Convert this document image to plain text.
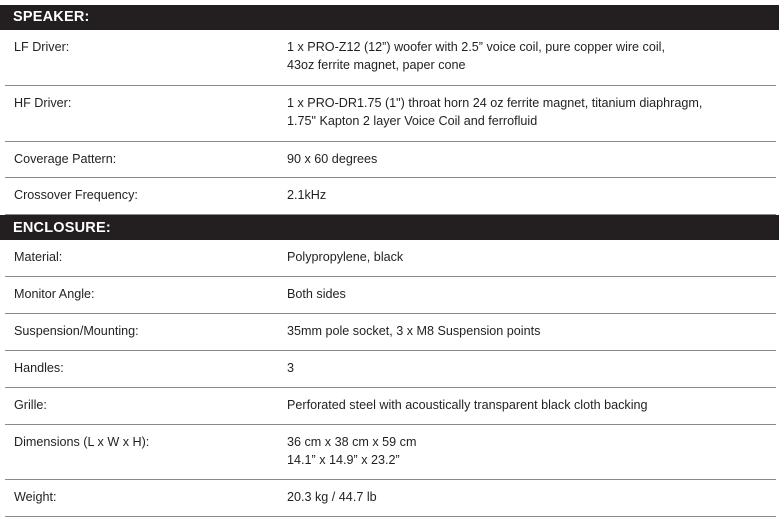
SPEAKER:
LF Driver:	1 x PRO-Z12 (12”) woofer with 2.5” voice coil, pure copper wire coil,
43oz ferrite magnet, paper cone
HF Driver:	1 x PRO-DR1.75 (1") throat horn 24 oz ferrite magnet, titanium diaphragm,
1.75" Kapton 2 layer Voice Coil and ferrofluid
Coverage Pattern:	90 x 60 degrees
Crossover Frequency:	2.1kHz
ENCLOSURE:
Material:	Polypropylene, black
Monitor Angle:	Both sides
Suspension/Mounting:	35mm pole socket, 3 x M8 Suspension points
Handles:	3
Grille:	Perforated steel with acoustically transparent black cloth backing
Dimensions (L x W x H):	36 cm x 38 cm x 59 cm
14.1” x 14.9” x 23.2”
Weight:	20.3 kg / 44.7 lb
